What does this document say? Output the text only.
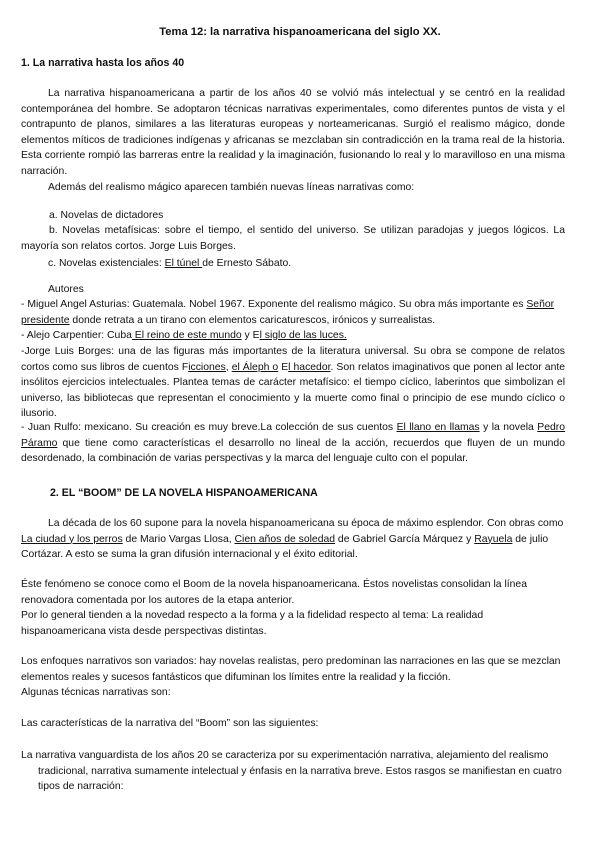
Tema 12: la narrativa hispanoamericana del siglo XX.

1. La narrativa hasta los años 40

La narrativa hispanoamericana a partir de los años 40 se volvió más intelectual y se centró en la realidad contemporánea del hombre. Se adoptaron técnicas narrativas experimentales, como diferentes puntos de vista y el contrapunto de planos, similares a las literaturas europeas y norteamericanas. Surgió el realismo mágico, donde elementos míticos de tradiciones indígenas y africanas se mezclaban sin contradicción en la trama real de la historia. Esta corriente rompió las barreras entre la realidad y la imaginación, fusionando lo real y lo maravilloso en una misma narración.

Además del realismo mágico aparecen también nuevas líneas narrativas como:

a. Novelas de dictadores

b. Novelas metafísicas: sobre el tiempo, el sentido del universo. Se utilizan paradojas y juegos lógicos. La mayoría son relatos cortos. Jorge Luis Borges.

c. Novelas existenciales: El túnel de Ernesto Sábato.

Autores

- Miguel Angel Asturias: Guatemala. Nobel 1967. Exponente del realismo mágico. Su obra más importante es Señor presidente donde retrata a un tirano con elementos caricaturescos, irónicos y surrealistas.

- Alejo Carpentier: Cuba El reino de este mundo y El siglo de las luces.

-Jorge Luis Borges: una de las figuras más importantes de la literatura universal. Su obra se compone de relatos cortos como sus libros de cuentos Ficciones, el Áleph o El hacedor. Son relatos imaginativos que ponen al lector ante insólitos ejercicios intelectuales. Plantea temas de carácter metafísico: el tiempo cíclico, laberintos que simbolizan el universo, las bibliotecas que representan el conocimiento y la muerte como final o principio de ese mundo cíclico o ilusorio.

- Juan Rulfo: mexicano. Su creación es muy breve.La colección de sus cuentos El llano en llamas y la novela Pedro Páramo que tiene como características el desarrollo no lineal de la acción, recuerdos que fluyen de un mundo desordenado, la combinación de varias perspectivas y la marca del lenguaje culto con el popular.

2. EL “BOOM” DE LA NOVELA HISPANOAMERICANA

La década de los 60 supone para la novela hispanoamericana su época de máximo esplendor. Con obras como La ciudad y los perros de Mario Vargas Llosa, Cien años de soledad de Gabriel García Márquez y Rayuela de julio Cortázar. A esto se suma la gran difusión internacional y el éxito editorial.

Éste fenómeno se conoce como el Boom de la novela hispanoamericana. Éstos novelistas consolidan la línea renovadora comentada por los autores de la etapa anterior.

Por lo general tienden a la novedad respecto a la forma y a la fidelidad respecto al tema: La realidad hispanoamericana vista desde perspectivas distintas.

Los enfoques narrativos son variados: hay novelas realistas, pero predominan las narraciones en las que se mezclan elementos reales y sucesos fantásticos que difuminan los límites entre la realidad y la ficción.

Algunas técnicas narrativas son:

Las características de la narrativa del “Boom” son las siguientes:

La narrativa vanguardista de los años 20 se caracteriza por su experimentación narrativa, alejamiento del realismo tradicional, narrativa sumamente intelectual y énfasis en la narrativa breve. Estos rasgos se manifiestan en cuatro tipos de narración:
